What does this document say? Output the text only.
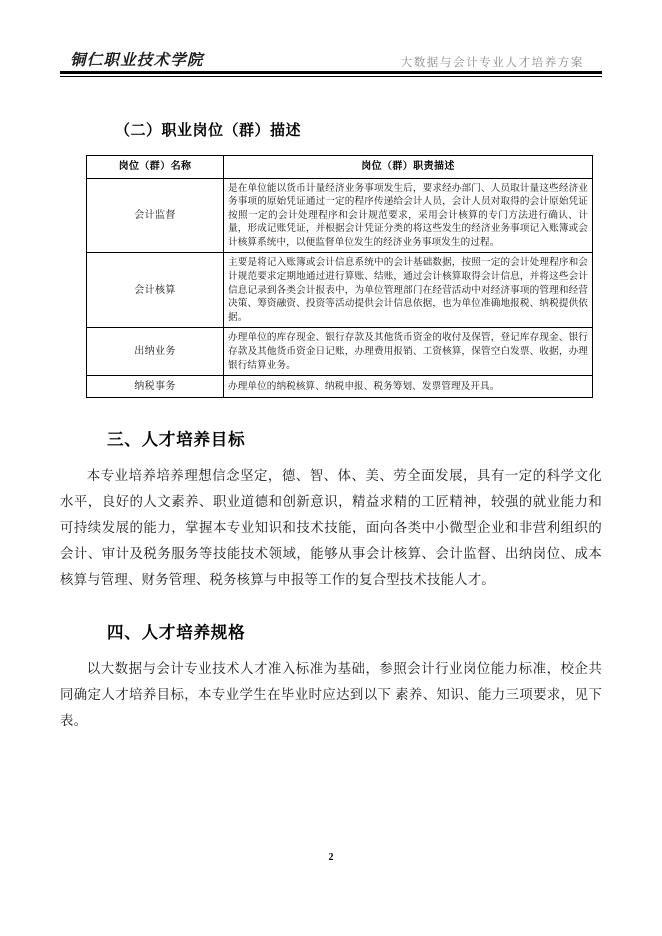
铜仁职业技术学院	大数据与会计专业人才培养方案
（二）职业岗位（群）描述
岗位（群）名称	岗位（群）职责描述
会计监督	是在单位能以货币计量经济业务事项发生后，要求经办部门、人员取计量这些经济业务事项的原始凭证通过一定的程序传递给会计人员，会计人员对取得的会计原始凭证按照一定的会计处理程序和会计规范要求，采用会计核算的专门方法进行确认、计量，形成记账凭证，并根据会计凭证分类的将这些发生的经济业务事项记入账簿或会计核算系统中，以便监督单位发生的经济业务事项发生的过程。
会计核算	主要是将记入账簿或会计信息系统中的会计基础数据，按照一定的会计处理程序和会计规范要求定期地通过进行算账、结账，通过会计核算取得会计信息，并将这些会计信息记录到各类会计报表中，为单位管理部门在经营活动中对经济事项的管理和经营决策、筹资融资、投资等活动提供会计信息依据，也为单位准确地报税、纳税提供依据。
出纳业务	办理单位的库存现金、银行存款及其他货币资金的收付及保管，登记库存现金、银行存款及其他货币资金日记账，办理费用报销、工资核算，保管空白发票、收据，办理银行结算业务。
纳税事务	办理单位的纳税核算、纳税申报、税务筹划、发票管理及开具。
三、人才培养目标

本专业培养培养理想信念坚定，德、智、体、美、劳全面发展，具有一定的科学文化水平，良好的人文素养、职业道德和创新意识，精益求精的工匠精神，较强的就业能力和可持续发展的能力，掌握本专业知识和技术技能，面向各类中小微型企业和非营利组织的会计、审计及税务服务等技能技术领域，能够从事会计核算、会计监督、出纳岗位、成本核算与管理、财务管理、税务核算与申报等工作的复合型技术技能人才。

四、人才培养规格

以大数据与会计专业技术人才准入标准为基础，参照会计行业岗位能力标准，校企共同确定人才培养目标，本专业学生在毕业时应达到以下 素养、知识、能力三项要求，见下表。

2
